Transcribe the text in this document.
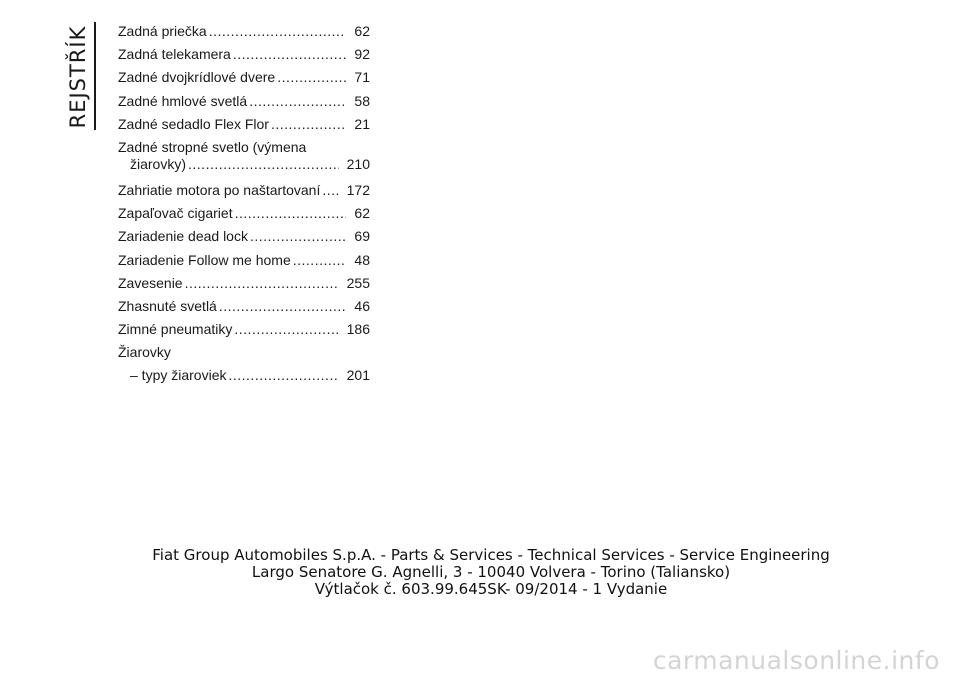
REJSTŘÍK	Zadná priečka .....	62
Zadná telekamera .....	92
Zadné dvojkrídlové dvere .....	71
Zadné hmlové svetlá .....	58
Zadné sedadlo Flex Flor .....	21
Zadné stropné svetlo (výmena
žiarovky) .....	210
Zahriatie motora po naštartovaní .....	172
Zapaľovač cigariet .....	62
Zariadenie dead lock .....	69
Zariadenie Follow me home .....	48
Zavesenie .....	255
Zhasnuté svetlá .....	46
Zimné pneumatiky .....	186
Žiarovky
– typy žiaroviek .....	201
Fiat Group Automobiles S.p.A. - Parts & Services - Technical Services - Service Engineering
Largo Senatore G. Agnelli, 3 - 10040 Volvera - Torino (Taliansko)
Výtlačok č. 603.99.645SK- 09/2014 - 1 Vydanie
carmanualsonline.info
